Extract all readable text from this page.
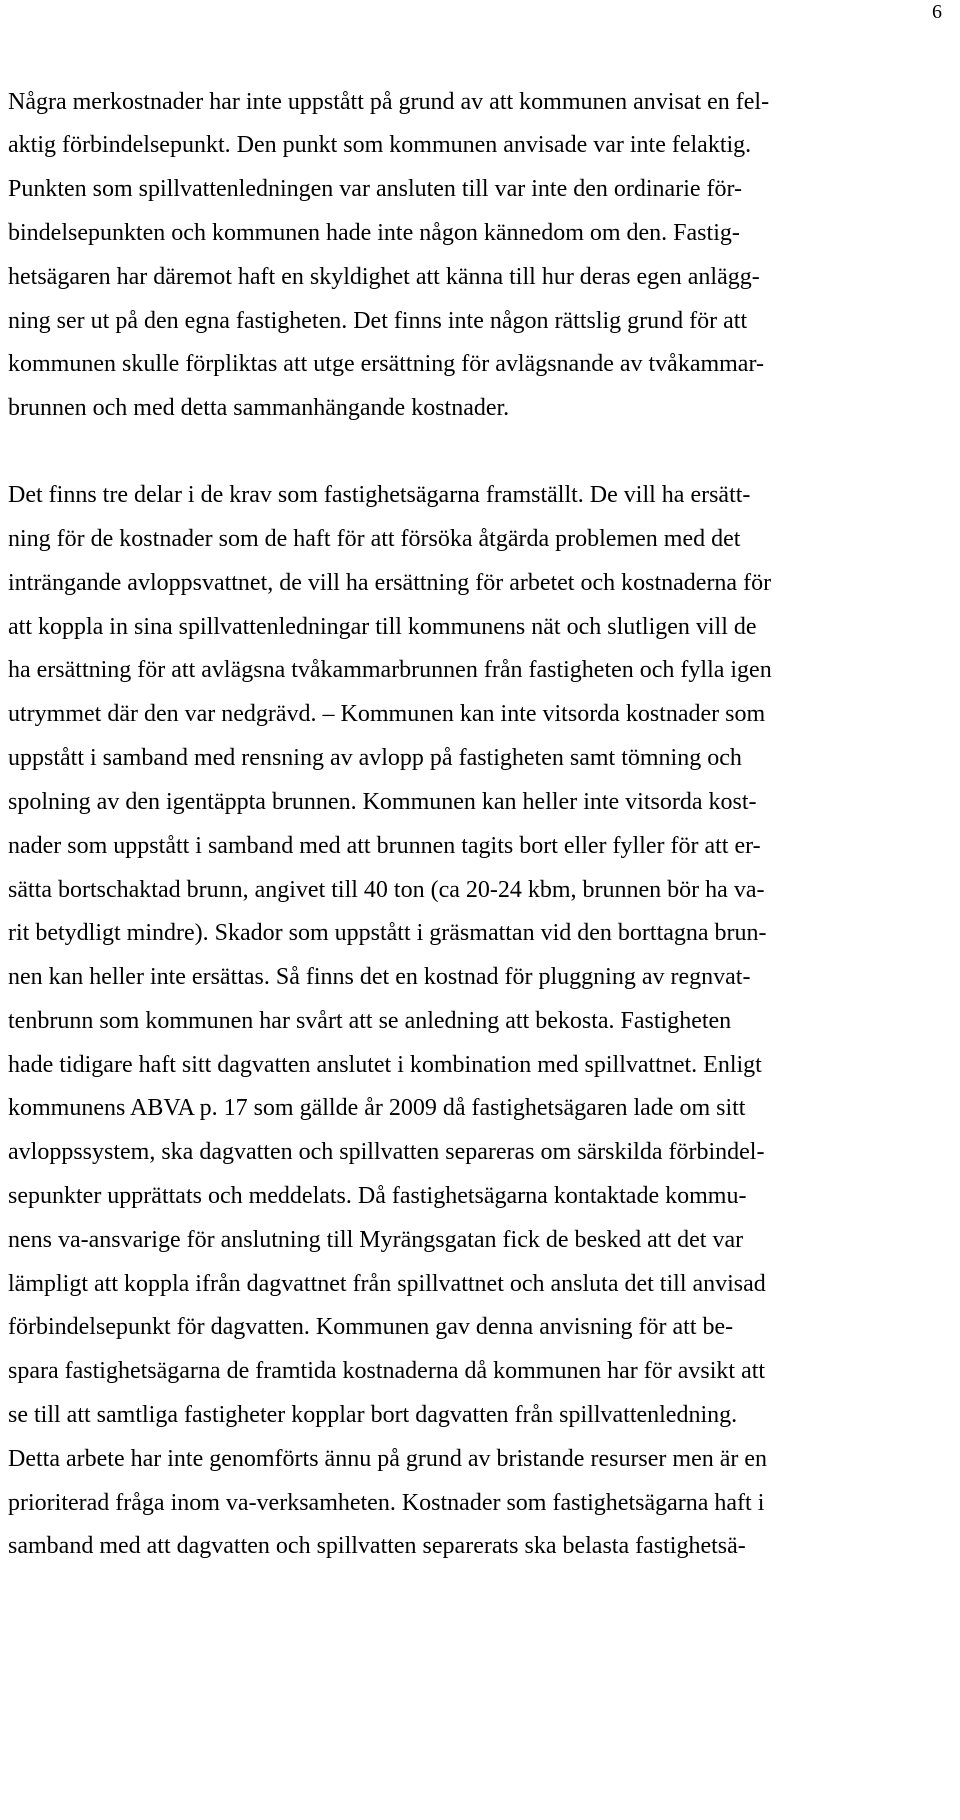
6
Några merkostnader har inte uppstått på grund av att kommunen anvisat en fel-
aktig förbindelsepunkt. Den punkt som kommunen anvisade var inte felaktig.
Punkten som spillvattenledningen var ansluten till var inte den ordinarie för-
bindelsepunkten och kommunen hade inte någon kännedom om den. Fastig-
hetsägaren har däremot haft en skyldighet att känna till hur deras egen anlägg-
ning ser ut på den egna fastigheten. Det finns inte någon rättslig grund för att
kommunen skulle förpliktas att utge ersättning för avlägsnande av tvåkammar-
brunnen och med detta sammanhängande kostnader.
Det finns tre delar i de krav som fastighetsägarna framställt. De vill ha ersätt-
ning för de kostnader som de haft för att försöka åtgärda problemen med det
inträngande avloppsvattnet, de vill ha ersättning för arbetet och kostnaderna för
att koppla in sina spillvattenledningar till kommunens nät och slutligen vill de
ha ersättning för att avlägsna tvåkammarbrunnen från fastigheten och fylla igen
utrymmet där den var nedgrävd. – Kommunen kan inte vitsorda kostnader som
uppstått i samband med rensning av avlopp på fastigheten samt tömning och
spolning av den igentäppta brunnen. Kommunen kan heller inte vitsorda kost-
nader som uppstått i samband med att brunnen tagits bort eller fyller för att er-
sätta bortschaktad brunn, angivet till 40 ton (ca 20-24 kbm, brunnen bör ha va-
rit betydligt mindre). Skador som uppstått i gräsmattan vid den borttagna brun-
nen kan heller inte ersättas. Så finns det en kostnad för pluggning av regnvat-
tenbrunn som kommunen har svårt att se anledning att bekosta. Fastigheten
hade tidigare haft sitt dagvatten anslutet i kombination med spillvattnet. Enligt
kommunens ABVA p. 17 som gällde år 2009 då fastighetsägaren lade om sitt
avloppssystem, ska dagvatten och spillvatten separeras om särskilda förbindel-
sepunkter upprättats och meddelats. Då fastighetsägarna kontaktade kommu-
nens va-ansvarige för anslutning till Myrängsgatan fick de besked att det var
lämpligt att koppla ifrån dagvattnet från spillvattnet och ansluta det till anvisad
förbindelsepunkt för dagvatten. Kommunen gav denna anvisning för att be-
spara fastighetsägarna de framtida kostnaderna då kommunen har för avsikt att
se till att samtliga fastigheter kopplar bort dagvatten från spillvattenledning.
Detta arbete har inte genomförts ännu på grund av bristande resurser men är en
prioriterad fråga inom va-verksamheten. Kostnader som fastighetsägarna haft i
samband med att dagvatten och spillvatten separerats ska belasta fastighetsä-
